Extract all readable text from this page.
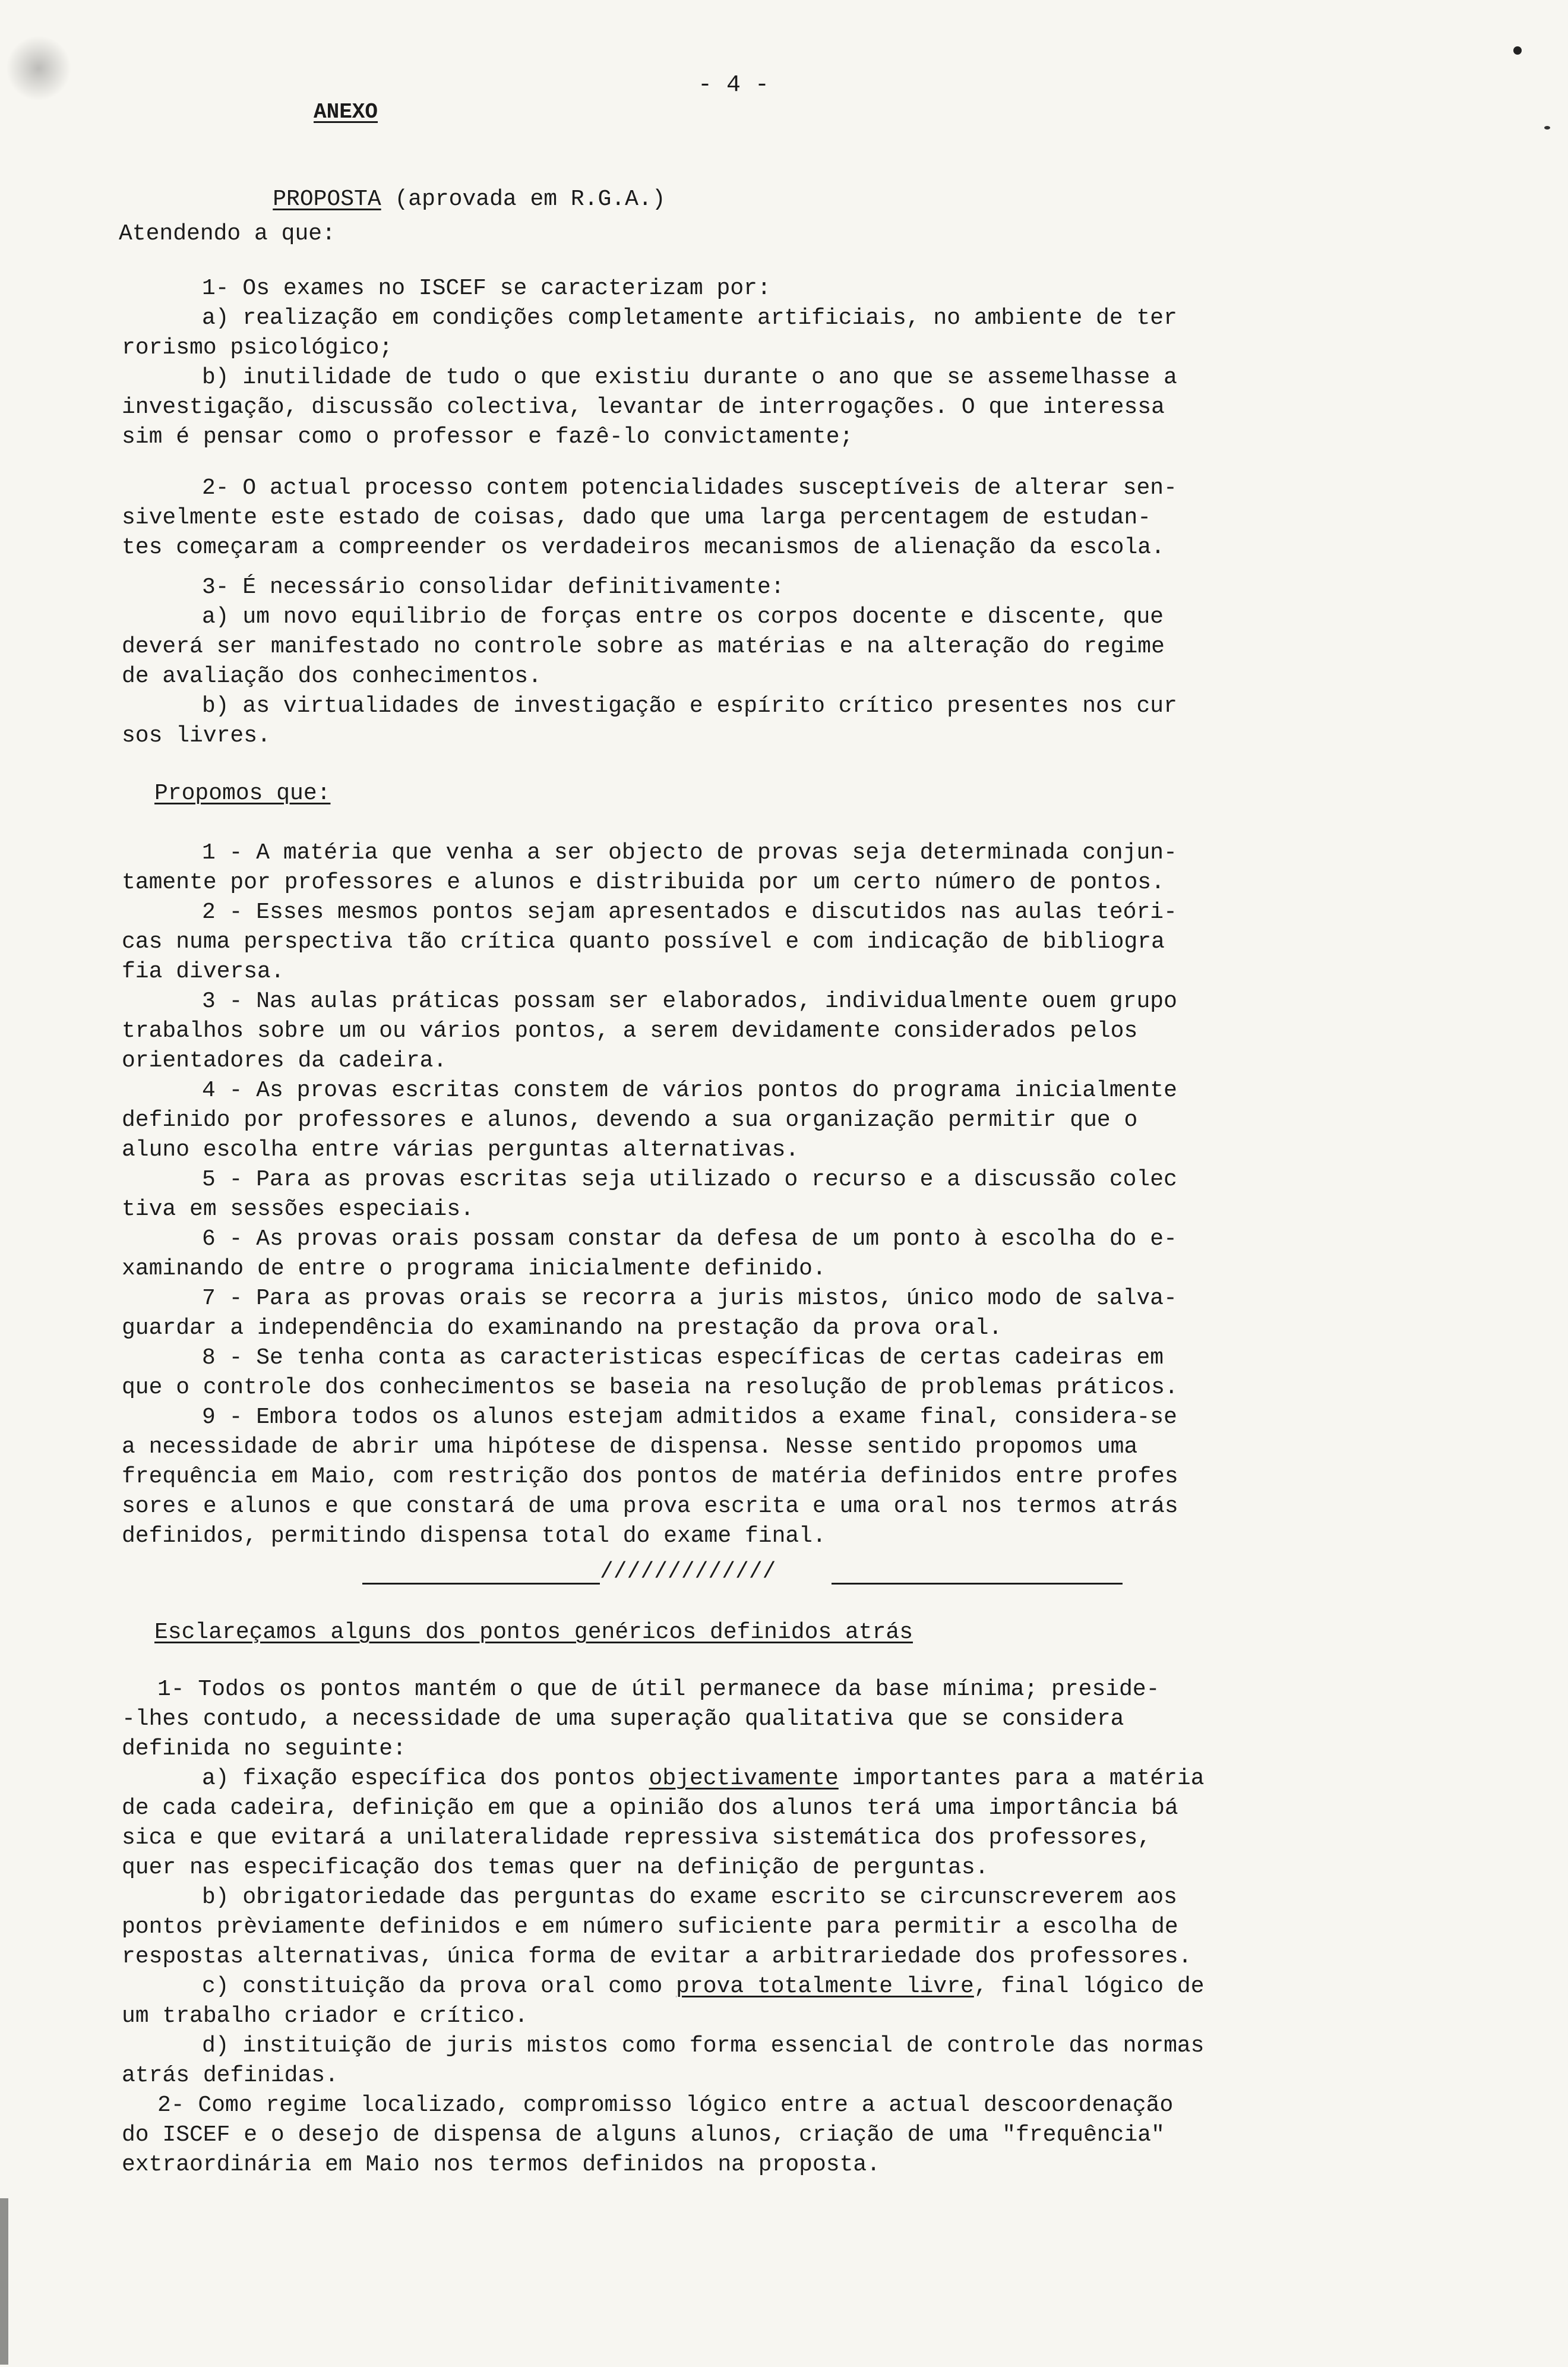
- 4 -
ANEXO

PROPOSTA (aprovada em R.G.A.)

Atendendo a que:
1- Os exames no ISCEF se caracterizam por:
a) realização em condições completamente artificiais, no ambiente de ter
rorismo psicológico;
b) inutilidade de tudo o que existiu durante o ano que se assemelhasse a
investigação, discussão colectiva, levantar de interrogações. O que interessa
sim é pensar como o professor e fazê-lo convictamente;
2- O actual processo contem potencialidades susceptíveis de alterar sen-
sivelmente este estado de coisas, dado que uma larga percentagem de estudan-
tes começaram a compreender os verdadeiros mecanismos de alienação da escola.
3- É necessário consolidar definitivamente:
a) um novo equilibrio de forças entre os corpos docente e discente, que
deverá ser manifestado no controle sobre as matérias e na alteração do regime
de avaliação dos conhecimentos.
b) as virtualidades de investigação e espírito crítico presentes nos cur
sos livres.
Propomos que:
1 - A matéria que venha a ser objecto de provas seja determinada conjun-
tamente por professores e alunos e distribuida por um certo número de pontos.
2 - Esses mesmos pontos sejam apresentados e discutidos nas aulas teóri-
cas numa perspectiva tão crítica quanto possível e com indicação de bibliogra
fia diversa.
3 - Nas aulas práticas possam ser elaborados, individualmente ouem grupo
trabalhos sobre um ou vários pontos, a serem devidamente considerados pelos
orientadores da cadeira.
4 - As provas escritas constem de vários pontos do programa inicialmente
definido por professores e alunos, devendo a sua organização permitir que o
aluno escolha entre várias perguntas alternativas.
5 - Para as provas escritas seja utilizado o recurso e a discussão colec
tiva em sessões especiais.
6 - As provas orais possam constar da defesa de um ponto à escolha do e-
xaminando de entre o programa inicialmente definido.
7 - Para as provas orais se recorra a juris mistos, único modo de salva-
guardar a independência do examinando na prestação da prova oral.
8 - Se tenha conta as caracteristicas específicas de certas cadeiras em
que o controle dos conhecimentos se baseia na resolução de problemas práticos.
9 - Embora todos os alunos estejam admitidos a exame final, considera-se
a necessidade de abrir uma hipótese de dispensa. Nesse sentido propomos uma
frequência em Maio, com restrição dos pontos de matéria definidos entre profes
sores e alunos e que constará de uma prova escrita e uma oral nos termos atrás
definidos, permitindo dispensa total do exame final.
/////////////
Esclareçamos alguns dos pontos genéricos definidos atrás
1- Todos os pontos mantém o que de útil permanece da base mínima; preside-
-lhes contudo, a necessidade de uma superação qualitativa que se considera
definida no seguinte:
a) fixação específica dos pontos objectivamente importantes para a matéria
de cada cadeira, definição em que a opinião dos alunos terá uma importância bá
sica e que evitará a unilateralidade repressiva sistemática dos professores,
quer nas especificação dos temas quer na definição de perguntas.
b) obrigatoriedade das perguntas do exame escrito se circunscreverem aos
pontos prèviamente definidos e em número suficiente para permitir a escolha de
respostas alternativas, única forma de evitar a arbitrariedade dos professores.
c) constituição da prova oral como prova totalmente livre, final lógico de
um trabalho criador e crítico.
d) instituição de juris mistos como forma essencial de controle das normas
atrás definidas.
2- Como regime localizado, compromisso lógico entre a actual descoordenação
do ISCEF e o desejo de dispensa de alguns alunos, criação de uma "frequência"
extraordinária em Maio nos termos definidos na proposta.
